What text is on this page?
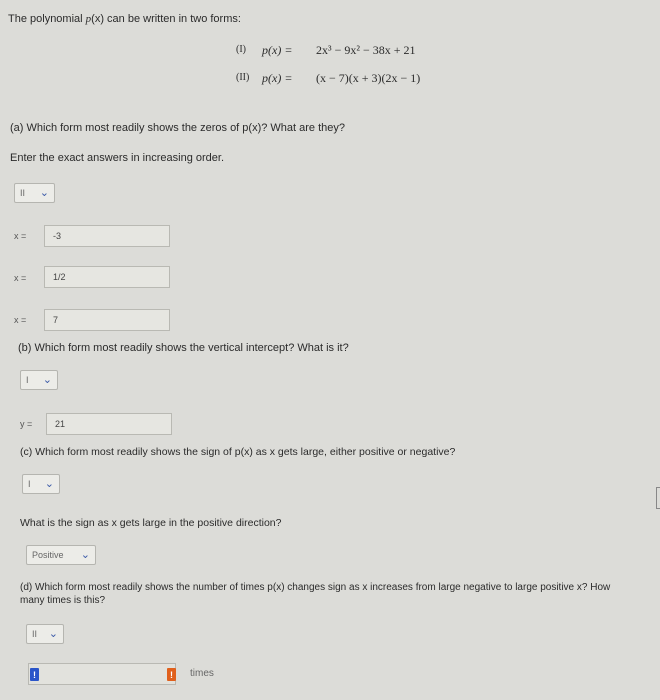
The polynomial p(x) can be written in two forms:
(I) p(x) = 2x³ − 9x² − 38x + 21
(II) p(x) = (x − 7)(x + 3)(2x − 1)
(a) Which form most readily shows the zeros of p(x)? What are they?
Enter the exact answers in increasing order.
II ⌄
x =	-3
x =	1/2
x =	7
(b) Which form most readily shows the vertical intercept? What is it?
I ⌄
y =	21
(c) Which form most readily shows the sign of p(x) as x gets large, either positive or negative?
I ⌄
What is the sign as x gets large in the positive direction?
Positive ⌄
(d) Which form most readily shows the number of times p(x) changes sign as x increases from large negative to large positive x? How
many times is this?
II ⌄
!	!	times
